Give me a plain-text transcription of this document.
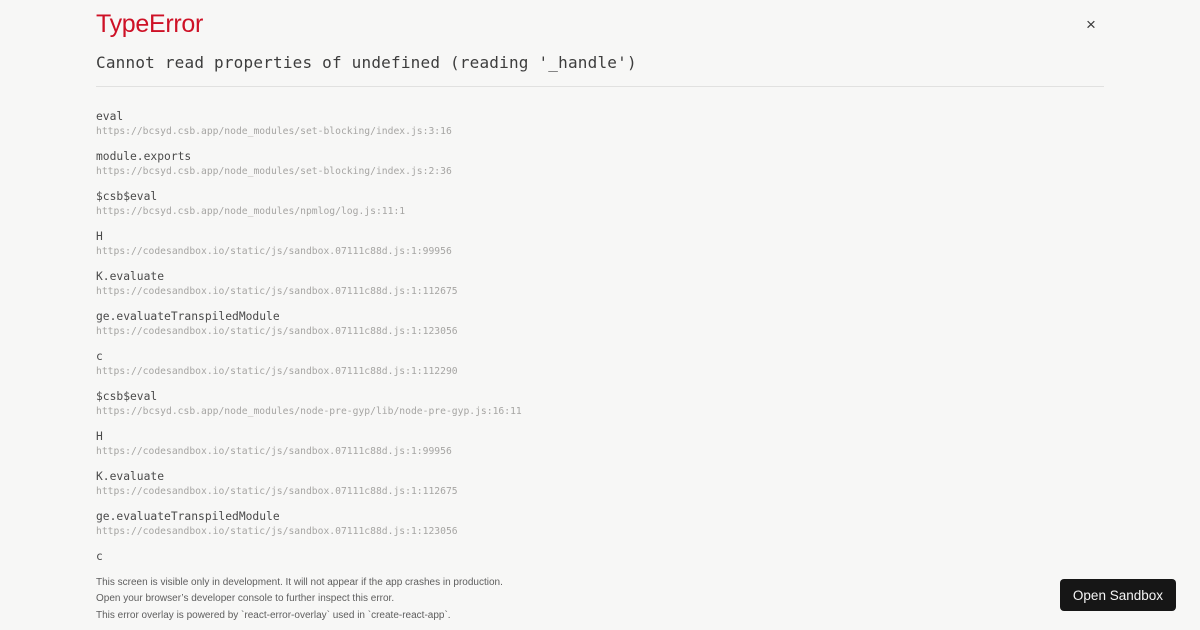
TypeError
Cannot read properties of undefined (reading '_handle')
eval
https://bcsyd.csb.app/node_modules/set-blocking/index.js:3:16
module.exports
https://bcsyd.csb.app/node_modules/set-blocking/index.js:2:36
$csb$eval
https://bcsyd.csb.app/node_modules/npmlog/log.js:11:1
H
https://codesandbox.io/static/js/sandbox.07111c88d.js:1:99956
K.evaluate
https://codesandbox.io/static/js/sandbox.07111c88d.js:1:112675
ge.evaluateTranspiledModule
https://codesandbox.io/static/js/sandbox.07111c88d.js:1:123056
c
https://codesandbox.io/static/js/sandbox.07111c88d.js:1:112290
$csb$eval
https://bcsyd.csb.app/node_modules/node-pre-gyp/lib/node-pre-gyp.js:16:11
H
https://codesandbox.io/static/js/sandbox.07111c88d.js:1:99956
K.evaluate
https://codesandbox.io/static/js/sandbox.07111c88d.js:1:112675
ge.evaluateTranspiledModule
https://codesandbox.io/static/js/sandbox.07111c88d.js:1:123056
c
×
This screen is visible only in development. It will not appear if the app crashes in production.
Open your browser’s developer console to further inspect this error.
This error overlay is powered by `react-error-overlay` used in `create-react-app`.
Open Sandbox
